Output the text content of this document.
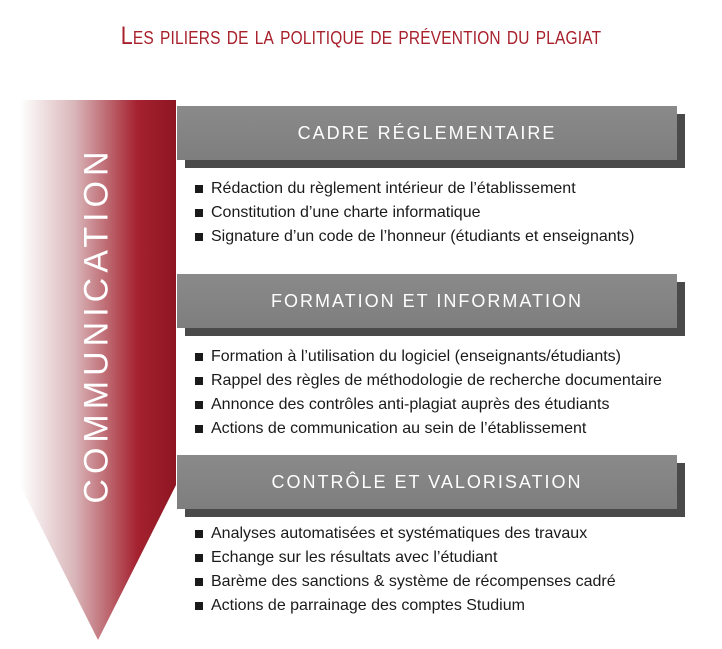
Les piliers de la politique de prévention du plagiat
COMMUNICATION
CADRE RÉGLEMENTAIRE
Rédaction du règlement intérieur de l’établissement
Constitution d’une charte informatique
Signature d’un code de l’honneur (étudiants et enseignants)
FORMATION ET INFORMATION
Formation à l’utilisation du logiciel (enseignants/étudiants)
Rappel des règles de méthodologie de recherche documentaire
Annonce des contrôles anti-plagiat auprès des étudiants
Actions de communication au sein de l’établissement
CONTRÔLE ET VALORISATION
Analyses automatisées et systématiques des travaux
Echange sur les résultats avec l’étudiant
Barème des sanctions & système de récompenses cadré
Actions de parrainage des comptes Studium
